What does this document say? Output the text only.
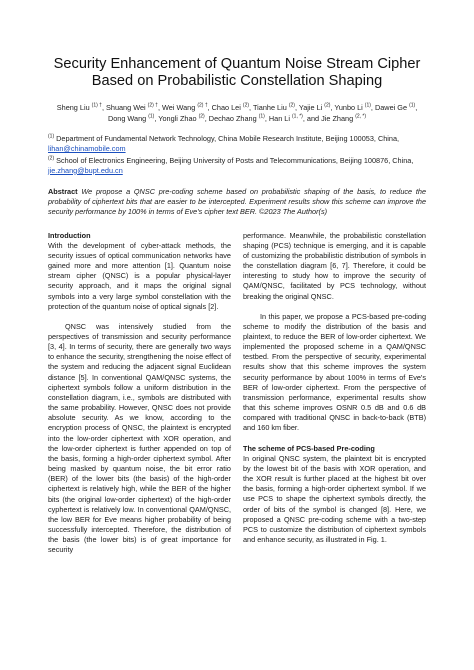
Security Enhancement of Quantum Noise Stream Cipher Based on Probabilistic Constellation Shaping
Sheng Liu $^{(1) \dagger}$, Shuang Wei $^{(2) \dagger}$, Wei Wang $^{(2) \dagger}$, Chao Lei $^{(2)}$, Tianhe Liu $^{(2)}$, Yajie Li $^{(2)}$, Yunbo Li $^{(1)}$, Dawei Ge $^{(1)}$, Dong Wang $^{(1)}$, Yongli Zhao $^{(2)}$, Dechao Zhang $^{(1)}$, Han Li $^{(1, *)}$, and Jie Zhang $^{(2, *)}$
$^{(1)}$ Department of Fundamental Network Technology, China Mobile Research Institute, Beijing 100053, China, lihan@chinamobile.com
$^{(2)}$ School of Electronics Engineering, Beijing University of Posts and Telecommunications, Beijing 100876, China, jie.zhang@bupt.edu.cn
Abstract We propose a QNSC pre-coding scheme based on probabilistic shaping of the basis, to reduce the probability of ciphertext bits that are easier to be intercepted. Experiment results show this scheme can improve the security performance by 100% in terms of Eve's cipher text BER. ©2023 The Author(s)
Introduction

With the development of cyber-attack methods, the security issues of optical communication networks have gained more and more attention [1]. Quantum noise stream cipher (QNSC) is a popular physical-layer security approach, and it maps the original signal symbols into a very large symbol constellation with the protection of the quantum noise of optical signals [2].

QNSC was intensively studied from the perspectives of transmission and security performance [3, 4]. In terms of security, there are generally two ways to enhance the security, strengthening the noise effect of the system and reducing the adjacent signal Euclidean distance [5]. In conventional QAM/QNSC systems, the ciphertext symbols follow a uniform distribution in the constellation diagram, i.e., symbols are distributed with the same probability. However, QNSC does not provide absolute security. As we know, according to the encryption process of QNSC, the plaintext is encrypted into the low-order ciphertext with XOR operation, and the low-order ciphertext is further appended on top of the basis, forming a high-order ciphertext symbol. After being masked by quantum noise, the bit error ratio (BER) of the lower bits (the basis) of the high-order ciphertext is relatively high, while the BER of the higher bits (the original low-order ciphertext) of the high-order cyphertext is relatively low. In conventional QAM/QNSC, the low BER for Eve means higher probability of being successfully intercepted. Therefore, the distribution of the basis (the lower bits) is of great importance for security

performance. Meanwhile, the probabilistic constellation shaping (PCS) technique is emerging, and it is capable of customizing the probabilistic distribution of symbols in the constellation diagram [6, 7]. Therefore, it could be interesting to study how to improve the security of QAM/QNSC, facilitated by PCS technology, without breaking the original QNSC.

In this paper, we propose a PCS-based pre-coding scheme to modify the distribution of the basis and plaintext, to reduce the BER of low-order ciphertext. We implemented the proposed scheme in a QAM/QNSC testbed. From the perspective of security, experimental results show that this scheme improves the system security performance by about 100% in terms of Eve's BER of low-order ciphertext. From the perspective of transmission performance, experimental results show that this scheme improves OSNR 0.5 dB and 0.6 dB compared with traditional QNSC in back-to-back (BTB) and 160 km fiber.

The scheme of PCS-based Pre-coding

In original QNSC system, the plaintext bit is encrypted by the lowest bit of the basis with XOR operation, and the XOR result is further placed at the highest bit over the basis, forming a high-order ciphertext symbol. If we use PCS to shape the ciphertext symbols directly, the order of bits of the symbol is changed [8]. Here, we proposed a QNSC pre-coding scheme with a two-step PCS to customize the distribution of ciphertext symbols and enhance security, as illustrated in Fig. 1.
